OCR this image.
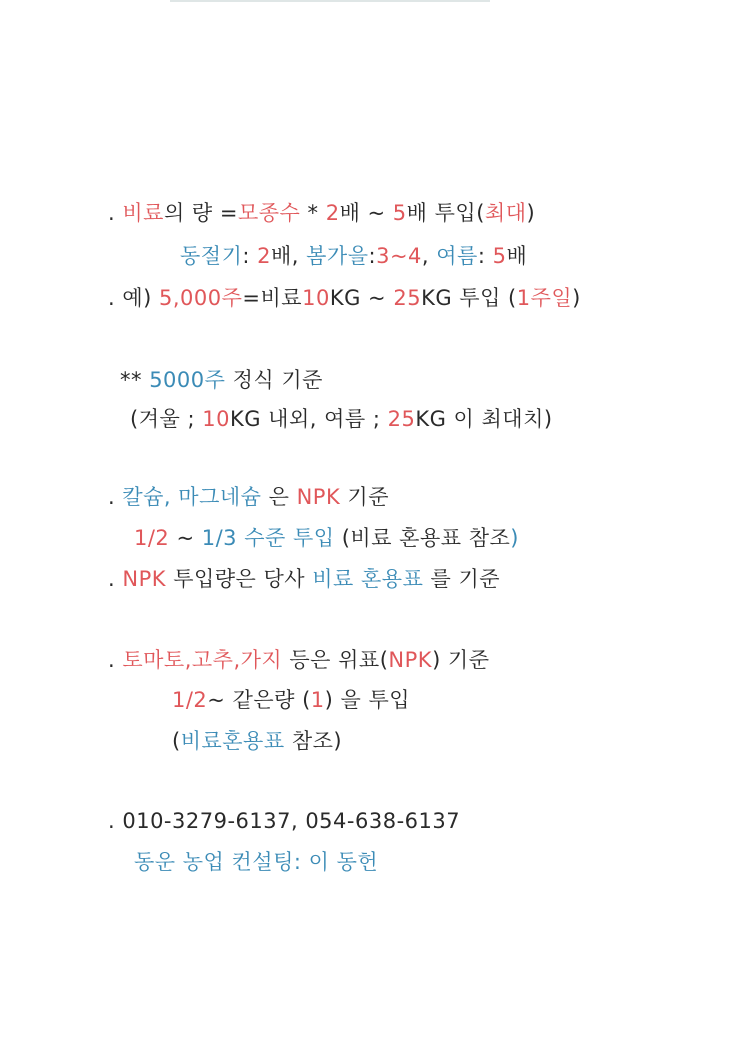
. 비료의 량 =모종수 * 2배 ~ 5배 투입(최대)
동절기: 2배, 봄가을:3~4, 여름: 5배
. 예) 5,000주=비료10KG ~ 25KG 투입 (1주일)
** 5000주 정식 기준
(겨울 ; 10KG 내외, 여름 ; 25KG 이 최대치)
. 칼슘, 마그네슘 은 NPK 기준
1/2 ~ 1/3 수준 투입 (비료 혼용표 참조)
. NPK 투입량은 당사 비료 혼용표 를 기준
. 토마토,고추,가지 등은 위표(NPK) 기준
1/2~ 같은량 (1) 을 투입
(비료혼용표 참조)
. 010-3279-6137, 054-638-6137
동운 농업 컨설팅: 이 동헌
